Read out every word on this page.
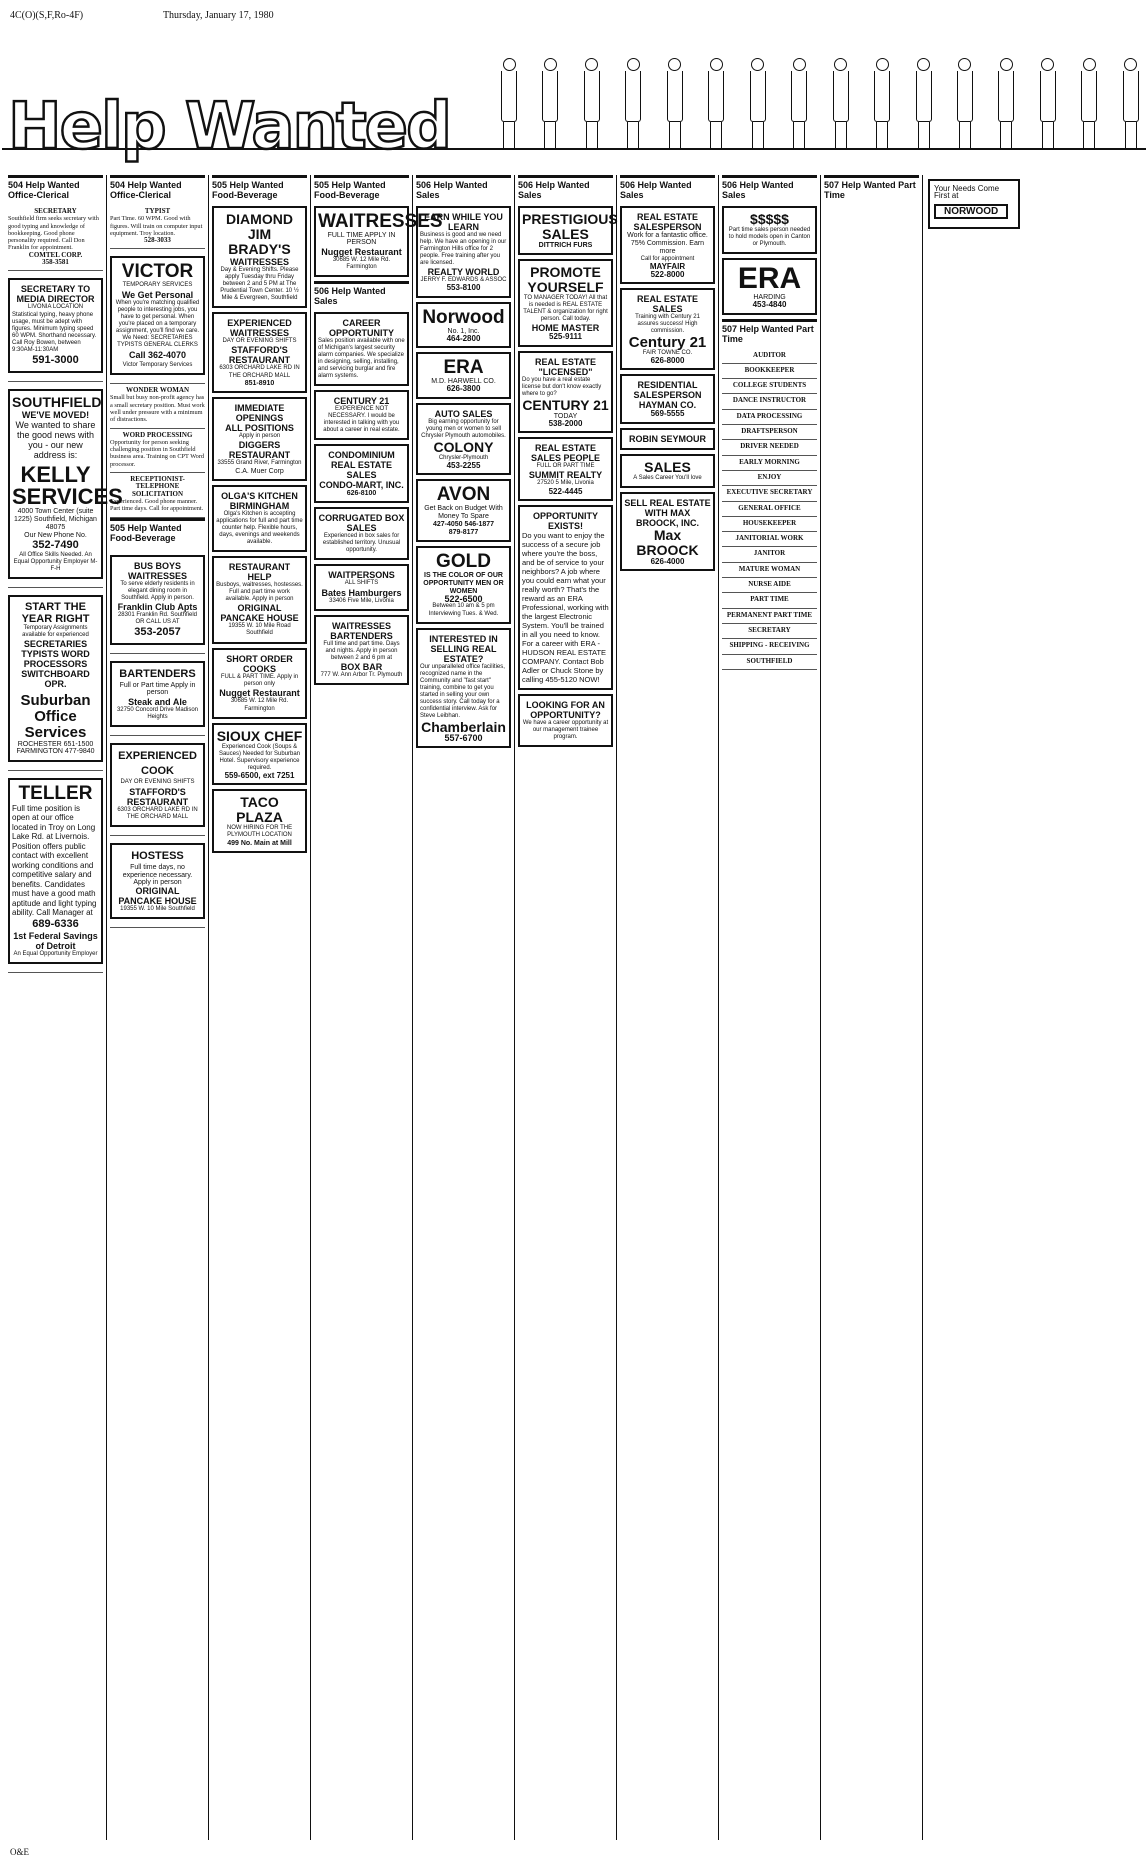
4C(O)(S,F,Ro-4F)	Thursday, January 17, 1980
Help Wanted
504 Help Wanted Office-Clerical

SECRETARY

Southfield firm seeks secretary with good typing and knowledge of bookkeeping. Good phone personality required. Call Don Franklin for appointment.

COMTEL CORP.

358-3581

SECRETARY TO MEDIA DIRECTOR
LIVONIA LOCATION
Statistical typing, heavy phone usage, must be adept with figures. Minimum typing speed 60 WPM. Shorthand necessary. Call Roy Bowen, between 9:30AM-11:30AM
591-3000
SOUTHFIELD
WE'VE MOVED!
We wanted to share the good news with you - our new address is:
KELLY SERVICES
4000 Town Center (suite 1225) Southfield, Michigan 48075
Our New Phone No.
352-7490
All Office Skills Needed. An Equal Opportunity Employer M-F-H
START THE YEAR RIGHT
Temporary Assignments available for experienced
SECRETARIES TYPISTS WORD PROCESSORS SWITCHBOARD OPR.
Suburban Office Services
ROCHESTER 651-1500
FARMINGTON 477-9840
TELLER
Full time position is open at our office located in Troy on Long Lake Rd. at Livernois. Position offers public contact with excellent working conditions and competitive salary and benefits. Candidates must have a good math aptitude and light typing ability. Call Manager at
689-6336
1st Federal Savings of Detroit
An Equal Opportunity Employer
504 Help Wanted Office-Clerical

TYPIST

Part Time. 60 WPM. Good with figures. Will train on computer input equipment. Troy location.

528-3033

VICTOR
TEMPORARY SERVICES
We Get Personal
When you're matching qualified people to interesting jobs, you have to get personal. When you're placed on a temporary assignment, you'll find we care. We Need: SECRETARIES TYPISTS GENERAL CLERKS
Call 362-4070
Victor Temporary Services

WONDER WOMAN

Small but busy non-profit agency has a small secretary position. Must work well under pressure with a minimum of distractions.

WORD PROCESSING

Opportunity for person seeking challenging position in Southfield business area. Training on CPT Word processor.

RECEPTIONIST-TELEPHONE SOLICITATION

Experienced. Good phone manner. Part time days. Call for appointment.

505 Help Wanted Food-Beverage
BUS BOYS WAITRESSES
To serve elderly residents in elegant dining room in Southfield. Apply in person.
Franklin Club Apts
28301 Franklin Rd. Southfield OR CALL US AT
353-2057
BARTENDERS
Full or Part time Apply in person
Steak and Ale
32750 Concord Drive Madison Heights
EXPERIENCED COOK
DAY OR EVENING SHIFTS
STAFFORD'S RESTAURANT
6303 ORCHARD LAKE RD IN THE ORCHARD MALL
HOSTESS
Full time days, no experience necessary. Apply in person
ORIGINAL PANCAKE HOUSE
19355 W. 10 Mile Southfield
505 Help Wanted Food-Beverage
DIAMOND JIM BRADY'S
WAITRESSES
Day & Evening Shifts. Please apply Tuesday thru Friday between 2 and 5 PM at The Prudential Town Center. 10 ½ Mile & Evergreen, Southfield
EXPERIENCED WAITRESSES
DAY OR EVENING SHIFTS
STAFFORD'S RESTAURANT
6303 ORCHARD LAKE RD IN THE ORCHARD MALL
851-8910
IMMEDIATE OPENINGS
ALL POSITIONS
Apply in person
DIGGERS RESTAURANT
33555 Grand River, Farmington
C.A. Muer Corp
OLGA'S KITCHEN BIRMINGHAM
Olga's Kitchen is accepting applications for full and part time counter help. Flexible hours, days, evenings and weekends available.
RESTAURANT HELP
Busboys, waitresses, hostesses. Full and part time work available. Apply in person
ORIGINAL PANCAKE HOUSE
19355 W. 10 Mile Road Southfield
SHORT ORDER COOKS
FULL & PART TIME. Apply in person only
Nugget Restaurant
30685 W. 12 Mile Rd. Farmington
SIOUX CHEF
Experienced Cook (Soups & Sauces) Needed for Suburban Hotel. Supervisory experience required.
559-6500, ext 7251
TACO PLAZA
NOW HIRING FOR THE PLYMOUTH LOCATION
499 No. Main at Mill
505 Help Wanted Food-Beverage
WAITRESSES
FULL TIME APPLY IN PERSON
Nugget Restaurant
30685 W. 12 Mile Rd. Farmington
506 Help Wanted Sales
CAREER OPPORTUNITY
Sales position available with one of Michigan's largest security alarm companies. We specialize in designing, selling, installing, and servicing burglar and fire alarm systems.
CENTURY 21
EXPERIENCE NOT NECESSARY. I would be interested in talking with you about a career in real estate.
CONDOMINIUM REAL ESTATE SALES
CONDO-MART, INC.
626-8100
CORRUGATED BOX SALES
Experienced in box sales for established territory. Unusual opportunity.
WAITPERSONS
ALL SHIFTS
Bates Hamburgers
33406 Five Mile, Livonia
WAITRESSES BARTENDERS
Full time and part time. Days and nights. Apply in person between 2 and 6 pm at
BOX BAR
777 W. Ann Arbor Tr. Plymouth
506 Help Wanted Sales
EARN WHILE YOU LEARN
Business is good and we need help. We have an opening in our Farmington Hills office for 2 people. Free training after you are licensed.
REALTY WORLD
JERRY F. EDWARDS & ASSOC
553-8100
Norwood
No. 1, Inc.
464-2800
ERA
M.D. HARWELL CO.
626-3800
AUTO SALES
Big earning opportunity for young men or women to sell Chrysler Plymouth automobiles.
COLONY
Chrysler-Plymouth
453-2255
AVON
Get Back on Budget With Money To Spare
427-4050 546-1877
879-8177
GOLD
IS THE COLOR OF OUR OPPORTUNITY MEN OR WOMEN
522-6500
Between 10 am & 5 pm Interviewing Tues. & Wed.
INTERESTED IN SELLING REAL ESTATE?
Our unparalleled office facilities, recognized name in the Community and "fast start" training, combine to get you started in selling your own success story. Call today for a confidential interview. Ask for Steve Leibhan.
Chamberlain
557-6700
506 Help Wanted Sales
PRESTIGIOUS SALES
DITTRICH FURS
PROMOTE YOURSELF
TO MANAGER TODAY! All that is needed is REAL ESTATE TALENT & organization for right person. Call today.
HOME MASTER
525-9111
REAL ESTATE "LICENSED"
Do you have a real estate license but don't know exactly where to go?
CENTURY 21
TODAY
538-2000
REAL ESTATE SALES PEOPLE
FULL OR PART TIME
SUMMIT REALTY
27520 5 Mile, Livonia
522-4445
OPPORTUNITY EXISTS!
Do you want to enjoy the success of a secure job where you're the boss, and be of service to your neighbors? A job where you could earn what your really worth? That's the reward as an ERA Professional, working with the largest Electronic System. You'll be trained in all you need to know. For a career with ERA - HUDSON REAL ESTATE COMPANY. Contact Bob Adler or Chuck Stone by calling 455-5120 NOW!
LOOKING FOR AN OPPORTUNITY?
We have a career opportunity at our management trainee program.
506 Help Wanted Sales
REAL ESTATE SALESPERSON
Work for a fantastic office. 75% Commission. Earn more
Call for appointment
MAYFAIR
522-8000
REAL ESTATE SALES
Training with Century 21 assures success! High commission.
Century 21
FAIR TOWNE CO.
626-8000
RESIDENTIAL SALESPERSON
HAYMAN CO.
569-5555
ROBIN SEYMOUR
SALES
A Sales Career You'll love
SELL REAL ESTATE WITH MAX BROOCK, INC.
Max BROOCK
626-4000
506 Help Wanted Sales
$$$$$
Part time sales person needed to hold models open in Canton or Plymouth.
ERA
HARDING
453-4840
507 Help Wanted Part Time

AUDITOR

BOOKKEEPER

COLLEGE STUDENTS

DANCE INSTRUCTOR

DATA PROCESSING

DRAFTSPERSON

DRIVER NEEDED

EARLY MORNING

ENJOY

EXECUTIVE SECRETARY

GENERAL OFFICE

HOUSEKEEPER

JANITORIAL WORK

JANITOR

MATURE WOMAN

NURSE AIDE

PART TIME

PERMANENT PART TIME

SECRETARY

SHIPPING - RECEIVING

SOUTHFIELD

507 Help Wanted Part Time
Your Needs Come First at
NORWOOD
O&E
